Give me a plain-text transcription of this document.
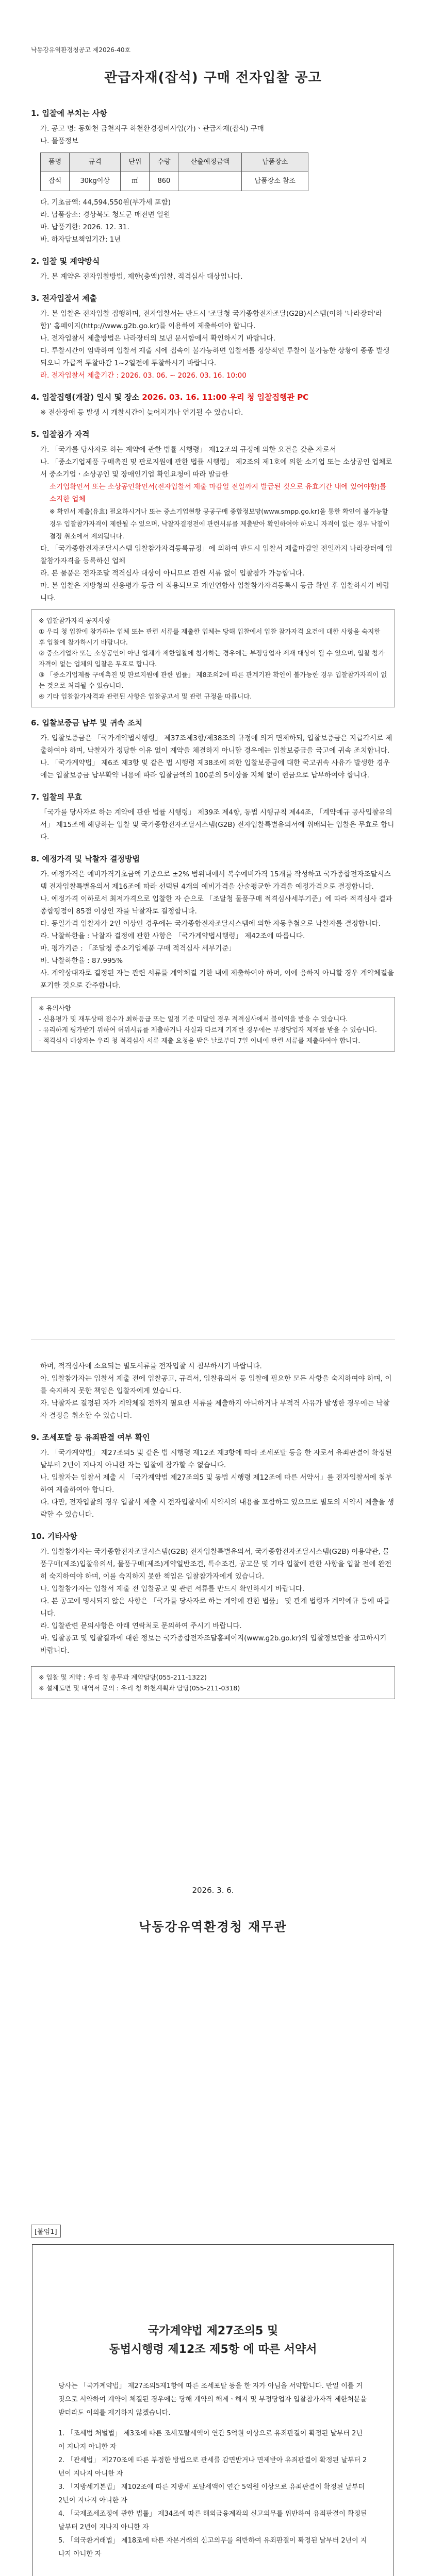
낙동강유역환경청공고 제2026-40호
관급자재(잡석) 구매 전자입찰 공고
1. 입찰에 부치는 사항

가. 공고 명: 동화천 금천지구 하천환경정비사업(가)ㆍ관급자재(잡석) 구매

나. 물품정보

품명	규격	단위	수량	산출예정금액	납품장소
잡석	30kg이상	㎥	860		납품장소 참조

다. 기초금액: 44,594,550원(부가세 포함)

라. 납품장소: 경상북도 청도군 매전면 일원

마. 납품기한: 2026. 12. 31.

바. 하자담보책임기간: 1년

2. 입찰 및 계약방식

가. 본 계약은 전자입찰방법, 제한(총액)입찰, 적격심사 대상입니다.

3. 전자입찰서 제출

가. 본 입찰은 전자입찰 집행하며, 전자입찰서는 반드시 '조달청 국가종합전자조달(G2B)시스템(이하 '나라장터'라 함)' 홈페이지(http://www.g2b.go.kr)를 이용하여 제출하여야 합니다.

나. 전자입찰서 제출방법은 나라장터의 보낸 문서함에서 확인하시기 바랍니다.

다. 투찰시간이 임박하여 입찰서 제출 시에 접속이 불가능하면 입찰서를 정상적인 투찰이 불가능한 상황이 종종 발생되오니 가급적 투찰마감 1~2일전에 투찰하시기 바랍니다.

라. 전자입찰서 제출기간 : 2026. 03. 06. ~ 2026. 03. 16. 10:00

4. 입찰집행(개찰) 일시 및 장소 2026. 03. 16. 11:00 우리 청 입찰집행관 PC

※ 전산장애 등 발생 시 개찰시간이 늦어지거나 연기될 수 있습니다.

5. 입찰참가 자격

가. 「국가를 당사자로 하는 계약에 관한 법률 시행령」 제12조의 규정에 의한 요건을 갖춘 자로서

나. 「중소기업제품 구매촉진 및 판로지원에 관한 법률 시행령」 제2조의 제1호에 의한 소기업 또는 소상공인 업체로서 중소기업ㆍ소상공인 및 장애인기업 확인요청에 따라 발급한

소기업확인서 또는 소상공인확인서(전자입찰서 제출 마감일 전일까지 발급된 것으로 유효기간 내에 있어야함)를 소지한 업체

※ 확인서 제출(유효) 필요하시거나 또는 중소기업현황 공공구매 종합정보망(www.smpp.go.kr)을 통한 확인이 불가능할 경우 입찰참가자격이 제한될 수 있으며, 낙찰자결정전에 관련서류를 제출받아 확인하여야 하오니 자격이 없는 경우 낙찰이 결정 취소에서 제외됩니다.

다. 「국가종합전자조달시스템 입찰참가자격등록규정」에 의하여 반드시 입찰서 제출마감일 전일까지 나라장터에 입찰참가자격을 등록하신 업체

라. 본 물품은 전자조달 적격심사 대상이 아니므로 관련 서류 없이 입찰참가 가능합니다.

마. 본 입찰은 지방청의 신용평가 등급 이 적용되므로 개인연합사 입찰참가자격등록시 등급 확인 후 입찰하시기 바랍니다.

※ 입찰참가자격 공지사항
① 우리 청 입찰에 참가하는 업체 또는 관련 서류를 제출한 업체는 당해 입찰에서 입찰 참가자격 요건에 대한 사항을 숙지한 후 입찰에 참가하시기 바랍니다.
② 중소기업자 또는 소상공인이 아닌 업체가 제한입찰에 참가하는 경우에는 부정당업자 제재 대상이 될 수 있으며, 입찰 참가 자격이 없는 업체의 입찰은 무효로 합니다.
③ 「중소기업제품 구매촉진 및 판로지원에 관한 법률」 제8조의2에 따른 관계기관 확인이 불가능한 경우 입찰참가자격이 없는 것으로 처리될 수 있습니다.
④ 기타 입찰참가자격과 관련된 사항은 입찰공고서 및 관련 규정을 따릅니다.
6. 입찰보증금 납부 및 귀속 조치

가. 입찰보증금은 「국가계약법시행령」 제37조제3항/제38조의 규정에 의거 면제하되, 입찰보증금은 지급각서로 제출하여야 하며, 낙찰자가 정당한 이유 없이 계약을 체결하지 아니할 경우에는 입찰보증금을 국고에 귀속 조치합니다.

나. 「국가계약법」 제6조 제3항 및 같은 법 시행령 제38조에 의한 입찰보증금에 대한 국고귀속 사유가 발생한 경우에는 입찰보증금 납부확약 내용에 따라 입찰금액의 100분의 5이상을 지체 없이 현금으로 납부하여야 합니다.

7. 입찰의 무효

「국가를 당사자로 하는 계약에 관한 법률 시행령」 제39조 제4항, 동법 시행규칙 제44조, 「계약예규 공사입찰유의서」 제15조에 해당하는 입찰 및 국가종합전자조달시스템(G2B) 전자입찰특별유의서에 위배되는 입찰은 무효로 합니다.

8. 예정가격 및 낙찰자 결정방법

가. 예정가격은 예비가격기초금액 기준으로 ±2% 범위내에서 복수예비가격 15개를 작성하고 국가종합전자조달시스템 전자입찰특별유의서 제16조에 따라 선택된 4개의 예비가격을 산술평균한 가격을 예정가격으로 결정합니다.

나. 예정가격 이하로서 최저가격으로 입찰한 자 순으로 「조달청 물품구매 적격심사세부기준」에 따라 적격심사 결과 종합평점이 85점 이상인 자를 낙찰자로 결정합니다.

다. 동일가격 입찰자가 2인 이상인 경우에는 국가종합전자조달시스템에 의한 자동추첨으로 낙찰자를 결정합니다.

라. 낙찰하한율 : 낙찰자 결정에 관한 사항은 「국가계약법시행령」 제42조에 따릅니다.

마. 평가기준 : 「조달청 중소기업제품 구매 적격심사 세부기준」

바. 낙찰하한율 : 87.995%

사. 계약상대자로 결정된 자는 관련 서류를 계약체결 기한 내에 제출하여야 하며, 이에 응하지 아니할 경우 계약체결을 포기한 것으로 간주합니다.

※ 유의사항
- 신용평가 및 재무상태 점수가 최하등급 또는 일정 기준 미달인 경우 적격심사에서 불이익을 받을 수 있습니다.
- 유리하게 평가받기 위하여 허위서류를 제출하거나 사실과 다르게 기재한 경우에는 부정당업자 제재를 받을 수 있습니다.
- 적격심사 대상자는 우리 청 적격심사 서류 제출 요청을 받은 날로부터 7일 이내에 관련 서류를 제출하여야 합니다.

하며, 적격심사에 소요되는 별도서류를 전자입찰 시 첨부하시기 바랍니다.

아. 입찰참가자는 입찰서 제출 전에 입찰공고, 규격서, 입찰유의서 등 입찰에 필요한 모든 사항을 숙지하여야 하며, 이를 숙지하지 못한 책임은 입찰자에게 있습니다.

자. 낙찰자로 결정된 자가 계약체결 전까지 필요한 서류를 제출하지 아니하거나 부적격 사유가 발생한 경우에는 낙찰자 결정을 취소할 수 있습니다.

9. 조세포탈 등 유죄판결 여부 확인

가. 「국가계약법」 제27조의5 및 같은 법 시행령 제12조 제3항에 따라 조세포탈 등을 한 자로서 유죄판결이 확정된 날부터 2년이 지나지 아니한 자는 입찰에 참가할 수 없습니다.

나. 입찰자는 입찰서 제출 시 「국가계약법 제27조의5 및 동법 시행령 제12조에 따른 서약서」를 전자입찰서에 첨부하여 제출하여야 합니다.

다. 다만, 전자입찰의 경우 입찰서 제출 시 전자입찰서에 서약서의 내용을 포함하고 있으므로 별도의 서약서 제출을 생략할 수 있습니다.

10. 기타사항

가. 입찰참가자는 국가종합전자조달시스템(G2B) 전자입찰특별유의서, 국가종합전자조달시스템(G2B) 이용약관, 물품구매(제조)입찰유의서, 물품구매(제조)계약일반조건, 특수조건, 공고문 및 기타 입찰에 관한 사항을 입찰 전에 완전히 숙지하여야 하며, 이를 숙지하지 못한 책임은 입찰참가자에게 있습니다.

나. 입찰참가자는 입찰서 제출 전 입찰공고 및 관련 서류를 반드시 확인하시기 바랍니다.

다. 본 공고에 명시되지 않은 사항은 「국가를 당사자로 하는 계약에 관한 법률」 및 관계 법령과 계약예규 등에 따릅니다.

라. 입찰관련 문의사항은 아래 연락처로 문의하여 주시기 바랍니다.

마. 입찰공고 및 입찰결과에 대한 정보는 국가종합전자조달홈페이지(www.g2b.go.kr)의 입찰정보란을 참고하시기 바랍니다.

※ 입찰 및 계약 : 우리 청 총무과 계약담당(055-211-1322)
※ 설계도면 및 내역서 문의 : 우리 청 하천계획과 담당(055-211-0318)
2026. 3. 6.
낙동강유역환경청 재무관
[붙임1]
국가계약법 제27조의5 및
동법시행령 제12조 제5항 에 따른 서약서

당사는 「국가계약법」 제27조의5제1항에 따른 조세포탈 등을 한 자가 아님을 서약합니다. 만일 이를 거짓으로 서약하여 계약이 체결된 경우에는 당해 계약의 해제ㆍ해지 및 부정당업자 입찰참가자격 제한처분을 받더라도 이의를 제기하지 않겠습니다.

1. 「조세범 처벌법」 제3조에 따른 조세포탈세액이 연간 5억원 이상으로 유죄판결이 확정된 날부터 2년이 지나지 아니한 자

2. 「관세법」 제270조에 따른 부정한 방법으로 관세를 감면받거나 면제받아 유죄판결이 확정된 날부터 2년이 지나지 아니한 자

3. 「지방세기본법」 제102조에 따른 지방세 포탈세액이 연간 5억원 이상으로 유죄판결이 확정된 날부터 2년이 지나지 아니한 자

4. 「국제조세조정에 관한 법률」 제34조에 따른 해외금융계좌의 신고의무를 위반하여 유죄판결이 확정된 날부터 2년이 지나지 아니한 자

5. 「외국환거래법」 제18조에 따른 자본거래의 신고의무를 위반하여 유죄판결이 확정된 날부터 2년이 지나지 아니한 자
